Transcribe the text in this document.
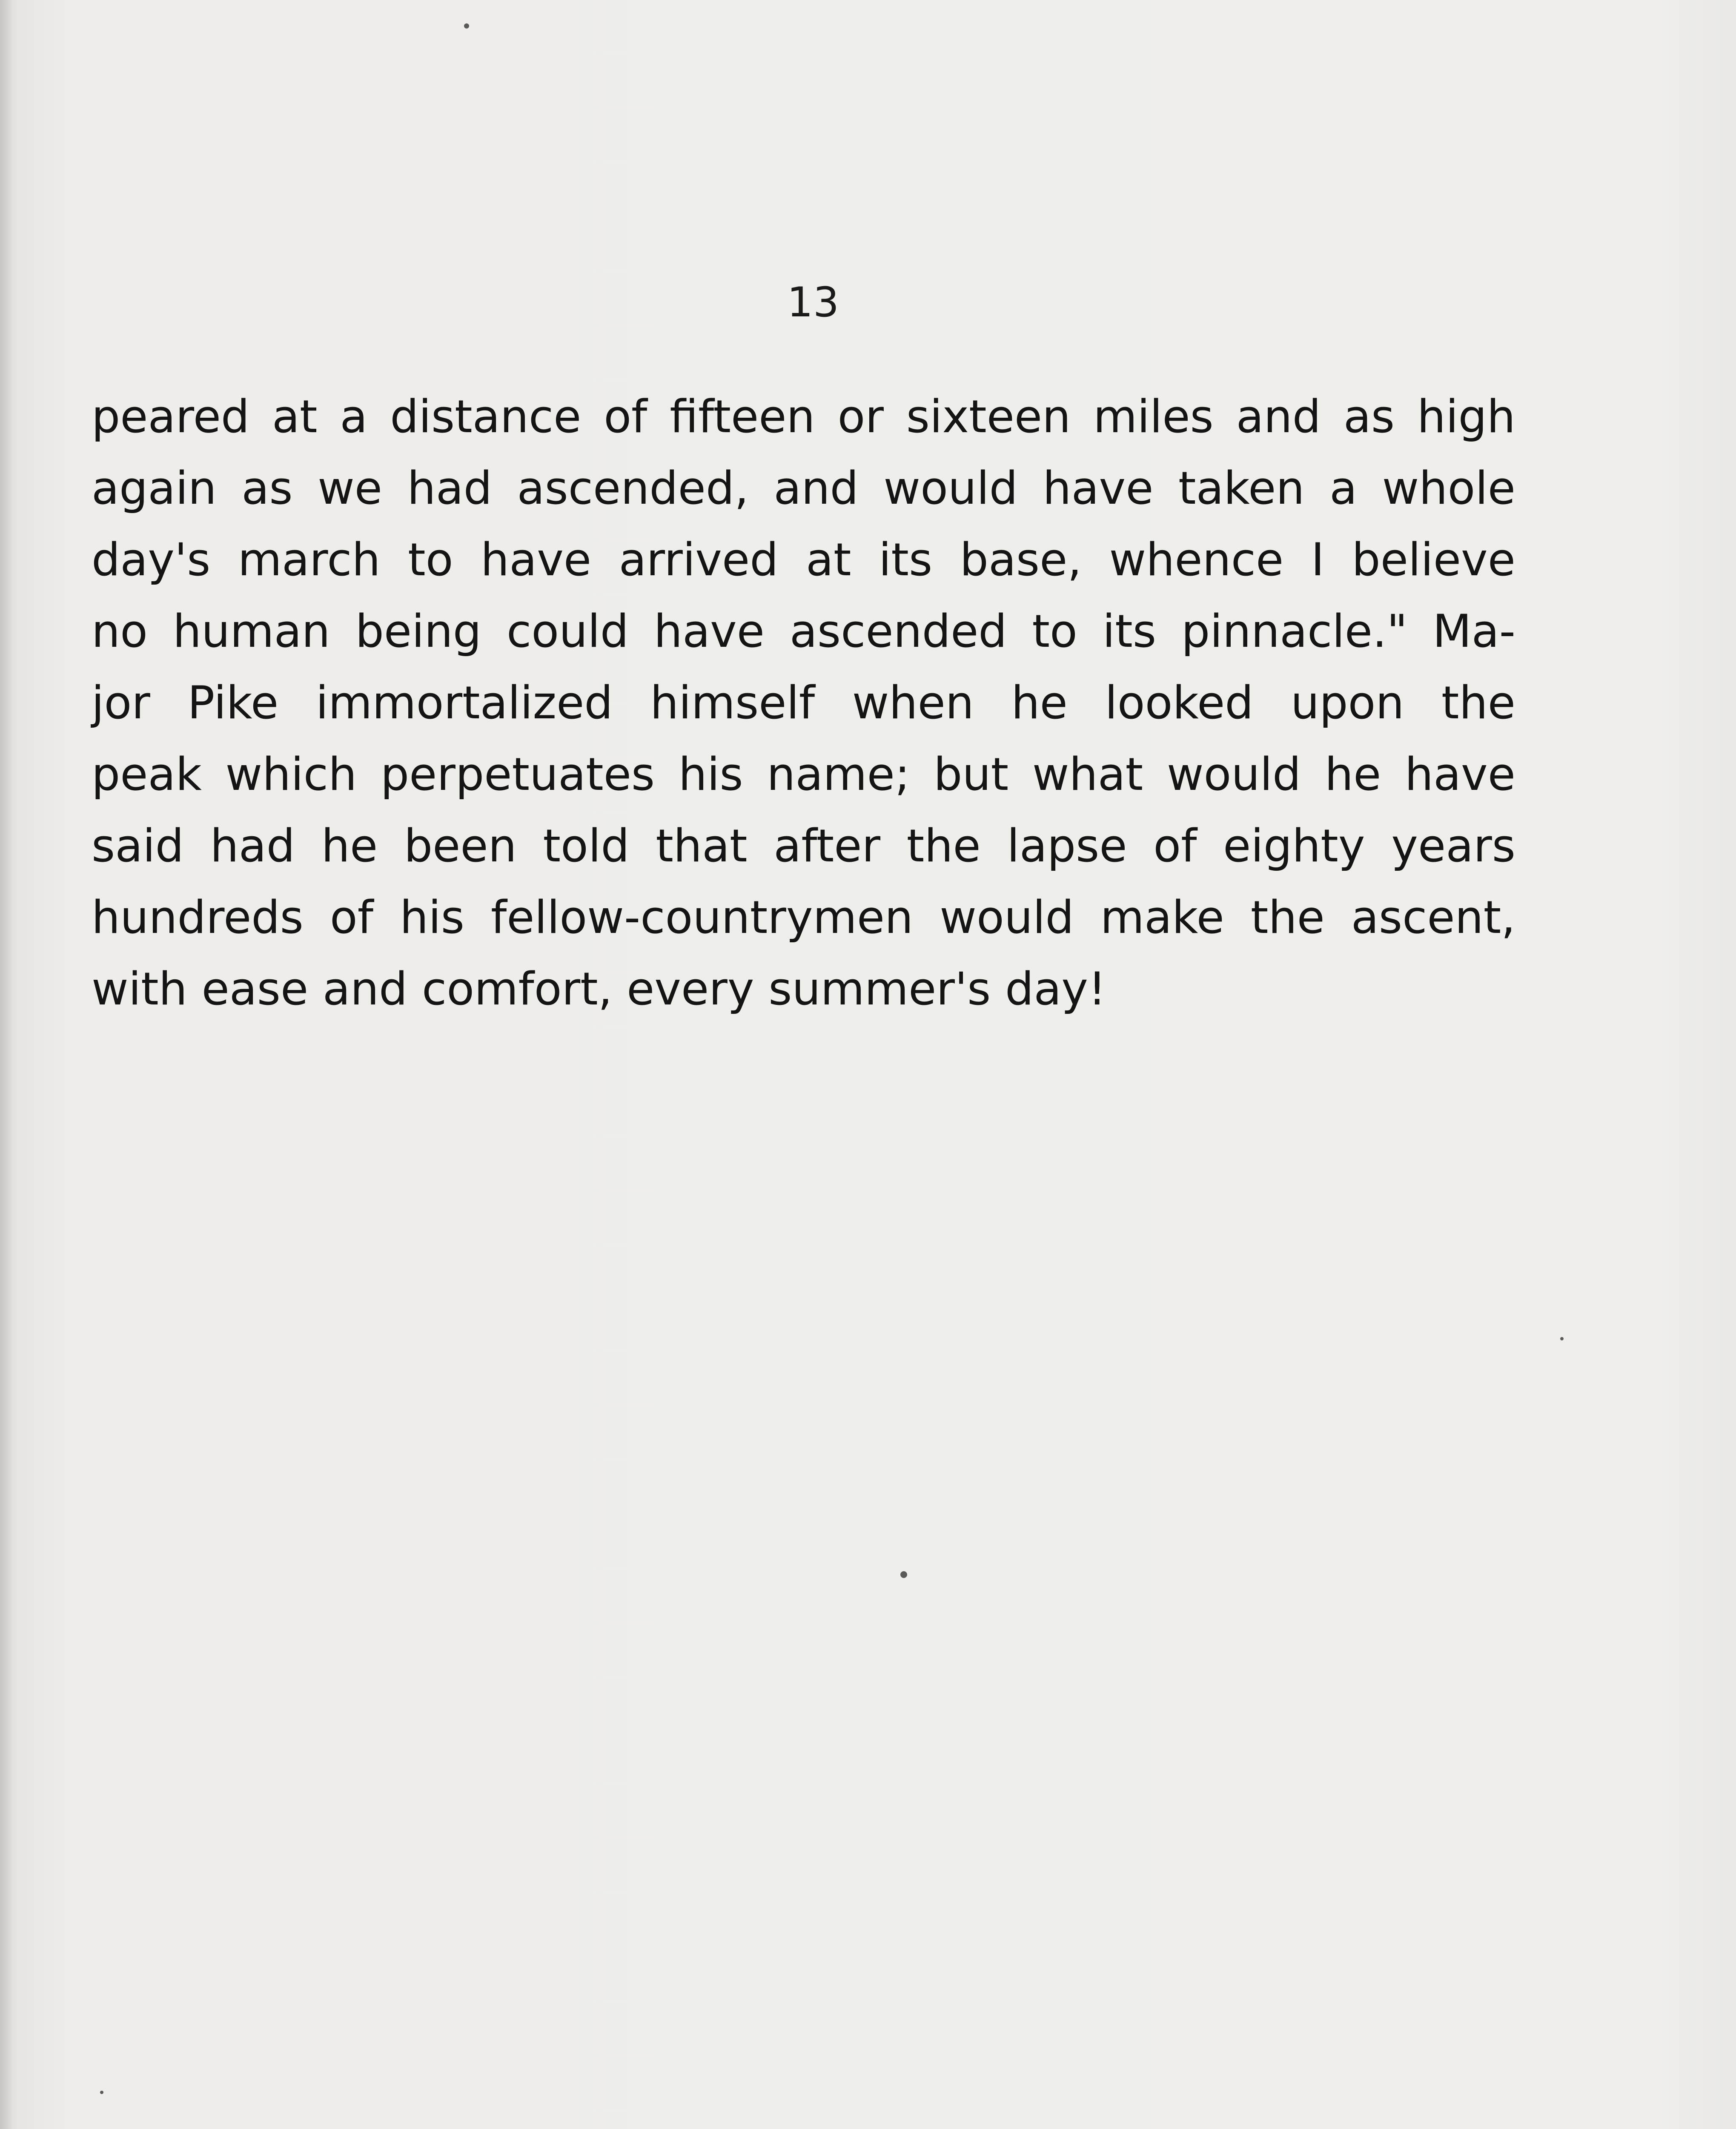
13
peared at a distance of fifteen or sixteen miles and as high
again as we had ascended, and would have taken a whole
day's march to have arrived at its base, whence I believe
no human being could have ascended to its pinnacle." Ma-
jor Pike immortalized himself when he looked upon the
peak which perpetuates his name; but what would he have
said had he been told that after the lapse of eighty years
hundreds of his fellow-countrymen would make the ascent,
with ease and comfort, every summer's day!
